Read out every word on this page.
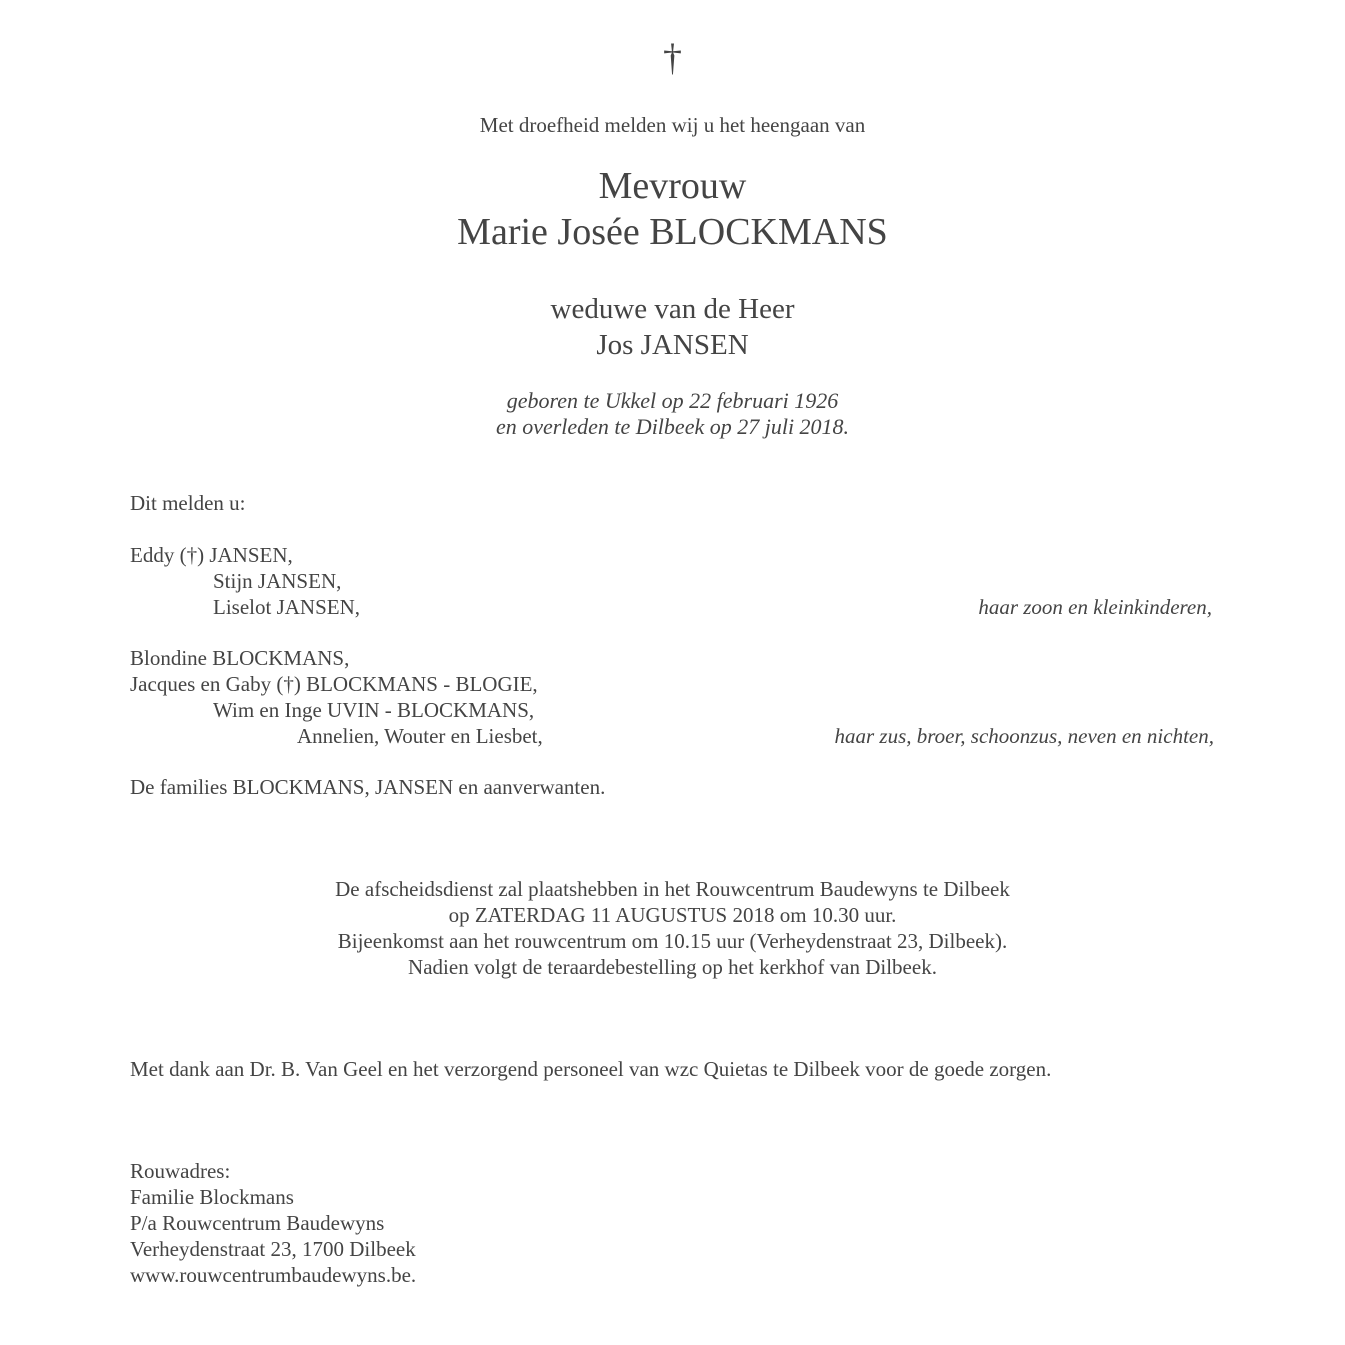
†
Met droefheid melden wij u het heengaan van
Mevrouw
Marie Josée BLOCKMANS
weduwe van de Heer
Jos JANSEN
geboren te Ukkel op 22 februari 1926
en overleden te Dilbeek op 27 juli 2018.
Dit melden u:
Eddy (†) JANSEN,
Stijn JANSEN,
Liselot JANSEN,	haar zoon en kleinkinderen,
Blondine BLOCKMANS,
Jacques en Gaby (†) BLOCKMANS - BLOGIE,
Wim en Inge UVIN - BLOCKMANS,
Annelien, Wouter en Liesbet,	haar zus, broer, schoonzus, neven en nichten,
De families BLOCKMANS, JANSEN en aanverwanten.
De afscheidsdienst zal plaatshebben in het Rouwcentrum Baudewyns te Dilbeek
op ZATERDAG 11 AUGUSTUS 2018 om 10.30 uur.
Bijeenkomst aan het rouwcentrum om 10.15 uur (Verheydenstraat 23, Dilbeek).
Nadien volgt de teraardebestelling op het kerkhof van Dilbeek.
Met dank aan Dr. B. Van Geel en het verzorgend personeel van wzc Quietas te Dilbeek voor de goede zorgen.
Rouwadres:
Familie Blockmans
P/a Rouwcentrum Baudewyns
Verheydenstraat 23, 1700 Dilbeek
www.rouwcentrumbaudewyns.be.
